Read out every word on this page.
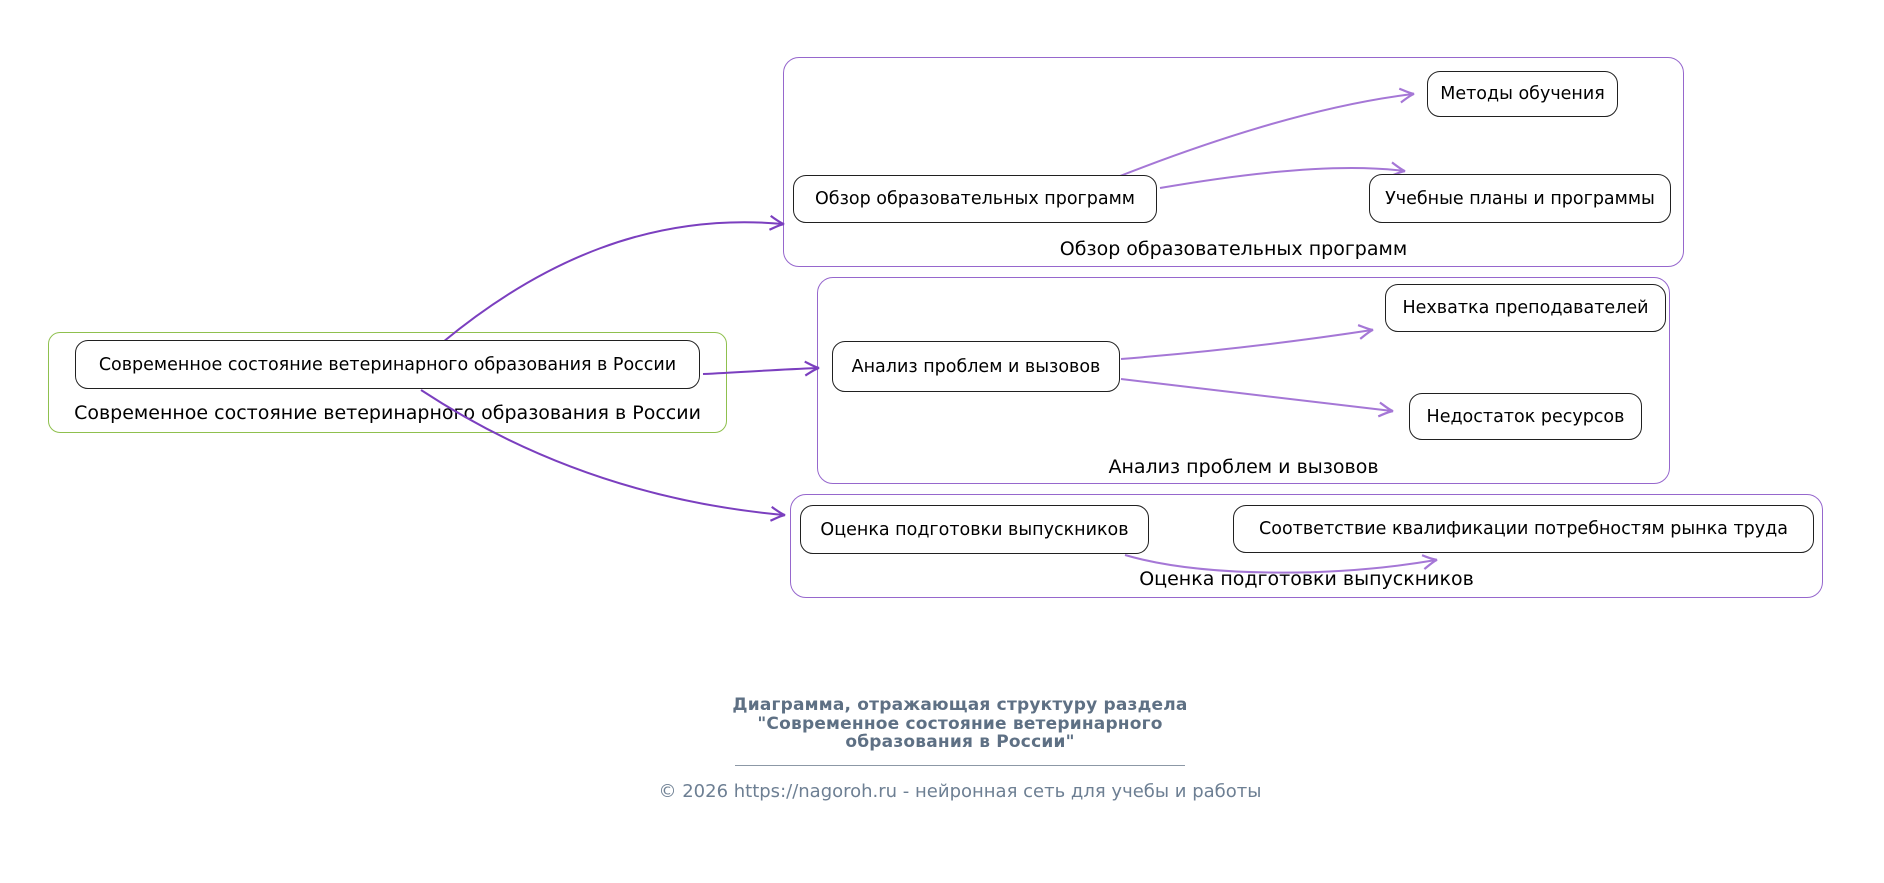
Современное состояние ветеринарного образования в России
Обзор образовательных программ
Анализ проблем и вызовов
Оценка подготовки выпускников
Современное состояние ветеринарного образования в России
Обзор образовательных программ
Методы обучения
Учебные планы и программы
Анализ проблем и вызовов
Нехватка преподавателей
Недостаток ресурсов
Оценка подготовки выпускников	Соответствие квалификации потребностям рынка труда
Диаграмма, отражающая структуру раздела
"Современное состояние ветеринарного
образования в России"
© 2026 https://nagoroh.ru - нейронная сеть для учебы и работы
